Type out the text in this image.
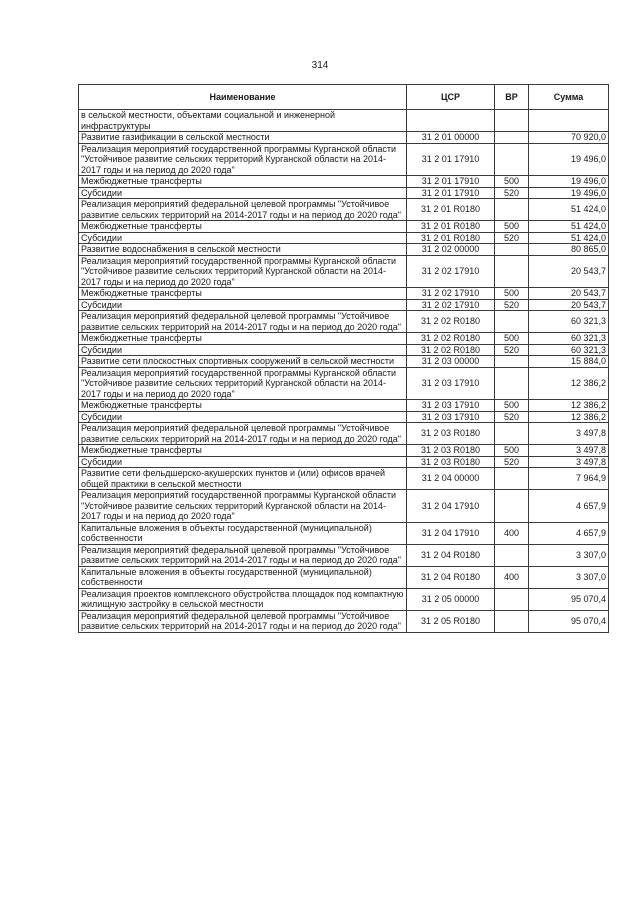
314
Наименование	ЦСР	ВР	Сумма
в сельской местности, объектами социальной и инженерной инфраструктуры			
Развитие газификации в сельской местности	31 2 01 00000		70 920,0
Реализация мероприятий государственной программы Курганской области "Устойчивое развитие сельских территорий Курганской области на 2014-2017 годы и на период до 2020 года"	31 2 01 17910		19 496,0
Межбюджетные трансферты	31 2 01 17910	500	19 496,0
Субсидии	31 2 01 17910	520	19 496,0
Реализация мероприятий федеральной целевой программы "Устойчивое развитие сельских территорий на 2014-2017 годы и на период до 2020 года"	31 2 01 R0180		51 424,0
Межбюджетные трансферты	31 2 01 R0180	500	51 424,0
Субсидии	31 2 01 R0180	520	51 424,0
Развитие водоснабжения в сельской местности	31 2 02 00000		80 865,0
Реализация мероприятий государственной программы Курганской области "Устойчивое развитие сельских территорий Курганской области на 2014-2017 годы и на период до 2020 года"	31 2 02 17910		20 543,7
Межбюджетные трансферты	31 2 02 17910	500	20 543,7
Субсидии	31 2 02 17910	520	20 543,7
Реализация мероприятий федеральной целевой программы "Устойчивое развитие сельских территорий на 2014-2017 годы и на период до 2020 года"	31 2 02 R0180		60 321,3
Межбюджетные трансферты	31 2 02 R0180	500	60 321,3
Субсидии	31 2 02 R0180	520	60 321,3
Развитие сети плоскостных спортивных сооружений в сельской местности	31 2 03 00000		15 884,0
Реализация мероприятий государственной программы Курганской области "Устойчивое развитие сельских территорий Курганской области на 2014-2017 годы и на период до 2020 года"	31 2 03 17910		12 386,2
Межбюджетные трансферты	31 2 03 17910	500	12 386,2
Субсидии	31 2 03 17910	520	12 386,2
Реализация мероприятий федеральной целевой программы "Устойчивое развитие сельских территорий на 2014-2017 годы и на период до 2020 года"	31 2 03 R0180		3 497,8
Межбюджетные трансферты	31 2 03 R0180	500	3 497,8
Субсидии	31 2 03 R0180	520	3 497,8
Развитие сети фельдшерско-акушерских пунктов и (или) офисов врачей общей практики в сельской местности	31 2 04 00000		7 964,9
Реализация мероприятий государственной программы Курганской области "Устойчивое развитие сельских территорий Курганской области на 2014-2017 годы и на период до 2020 года"	31 2 04 17910		4 657,9
Капитальные вложения в объекты государственной (муниципальной) собственности	31 2 04 17910	400	4 657,9
Реализация мероприятий федеральной целевой программы "Устойчивое развитие сельских территорий на 2014-2017 годы и на период до 2020 года"	31 2 04 R0180		3 307,0
Капитальные вложения в объекты государственной (муниципальной) собственности	31 2 04 R0180	400	3 307,0
Реализация проектов комплексного обустройства площадок под компактную жилищную застройку в сельской местности	31 2 05 00000		95 070,4
Реализация мероприятий федеральной целевой программы "Устойчивое развитие сельских территорий на 2014-2017 годы и на период до 2020 года"	31 2 05 R0180		95 070,4
